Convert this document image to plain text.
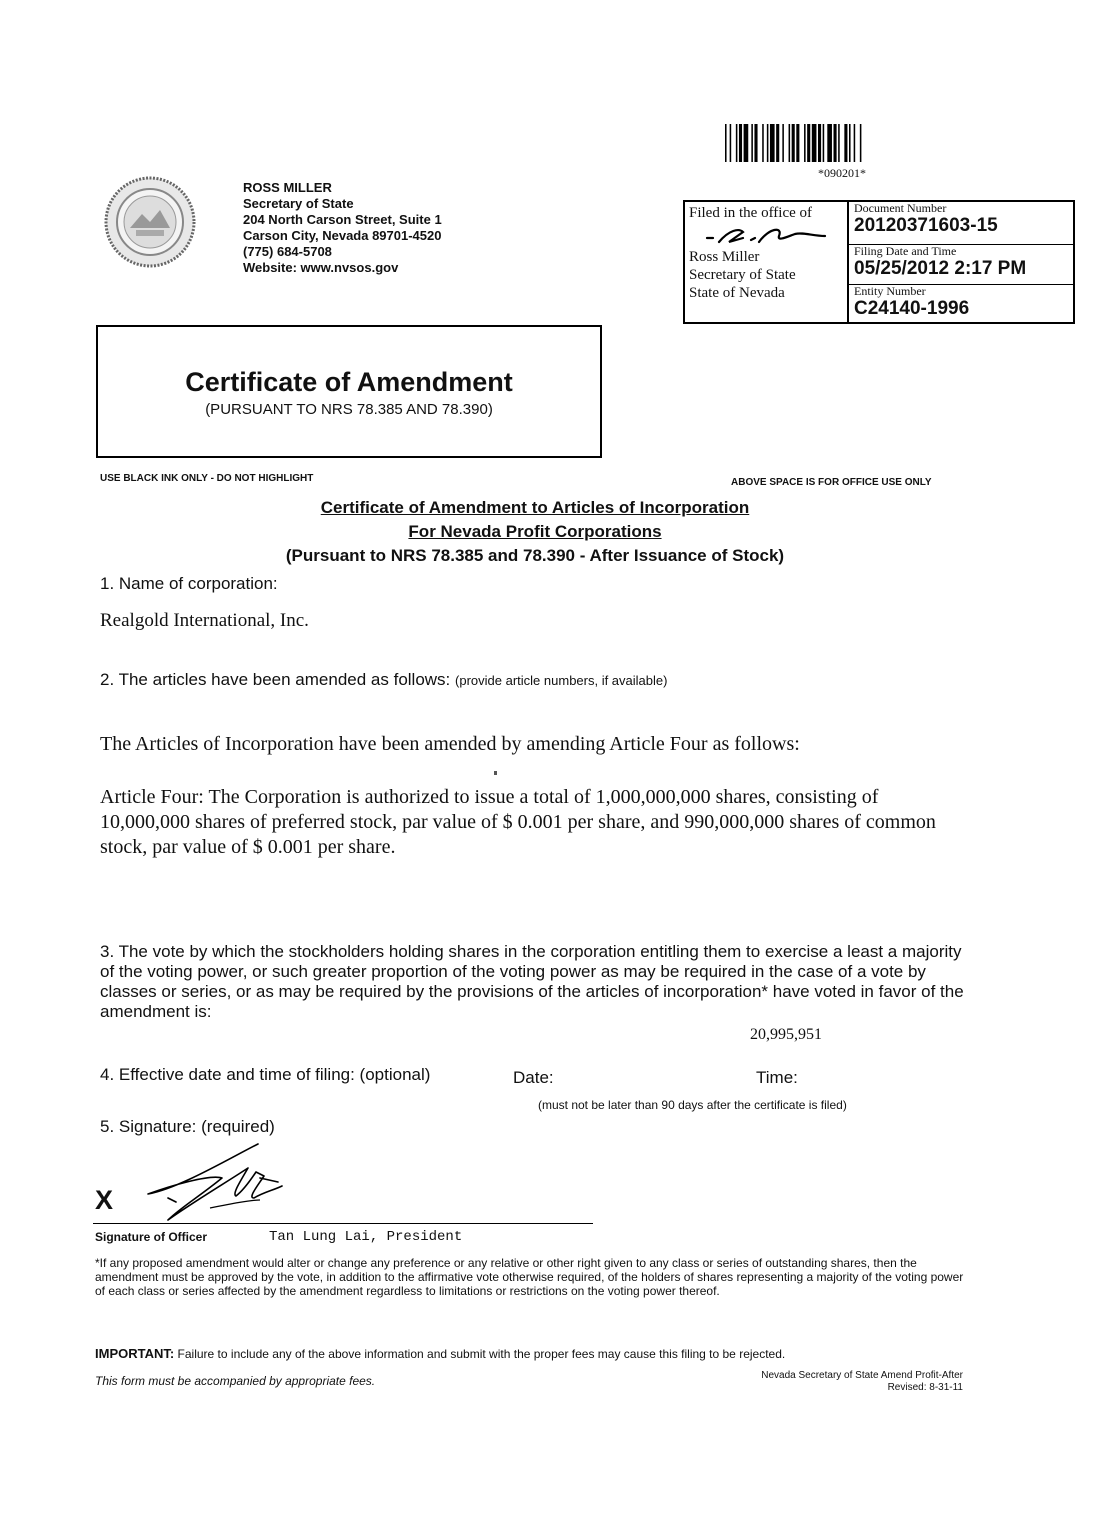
*090201*
ROSS MILLER
Secretary of State
204 North Carson Street, Suite 1
Carson City, Nevada 89701-4520
(775) 684-5708
Website: www.nvsos.gov
Filed in the office of
Ross Miller
Secretary of State
State of Nevada
Document Number
20120371603-15
Filing Date and Time
05/25/2012 2:17 PM
Entity Number
C24140-1996
Certificate of Amendment
(PURSUANT TO NRS 78.385 AND 78.390)
USE BLACK INK ONLY - DO NOT HIGHLIGHT	ABOVE SPACE IS FOR OFFICE USE ONLY
Certificate of Amendment to Articles of Incorporation
For Nevada Profit Corporations
(Pursuant to NRS 78.385 and 78.390 - After Issuance of Stock)
1. Name of corporation:
Realgold International, Inc.
2. The articles have been amended as follows: (provide article numbers, if available)
The Articles of Incorporation have been amended by amending Article Four as follows:
Article Four: The Corporation is authorized to issue a total of 1,000,000,000 shares, consisting of 10,000,000 shares of preferred stock, par value of $ 0.001 per share, and 990,000,000 shares of common stock, par value of $ 0.001 per share.
3. The vote by which the stockholders holding shares in the corporation entitling them to exercise a least a majority of the voting power, or such greater proportion of the voting power as may be required in the case of a vote by classes or series, or as may be required by the provisions of the articles of incorporation* have voted in favor of the amendment is:
20,995,951
4. Effective date and time of filing: (optional)	Date:	Time:
(must not be later than 90 days after the certificate is filed)
5. Signature: (required)
X
Signature of Officer	Tan Lung Lai, President
*If any proposed amendment would alter or change any preference or any relative or other right given to any class or series of outstanding shares, then the amendment must be approved by the vote, in addition to the affirmative vote otherwise required, of the holders of shares representing a majority of the voting power of each class or series affected by the amendment regardless to limitations or restrictions on the voting power thereof.
IMPORTANT: Failure to include any of the above information and submit with the proper fees may cause this filing to be rejected.
This form must be accompanied by appropriate fees.	Nevada Secretary of State Amend Profit-After
Revised: 8-31-11
